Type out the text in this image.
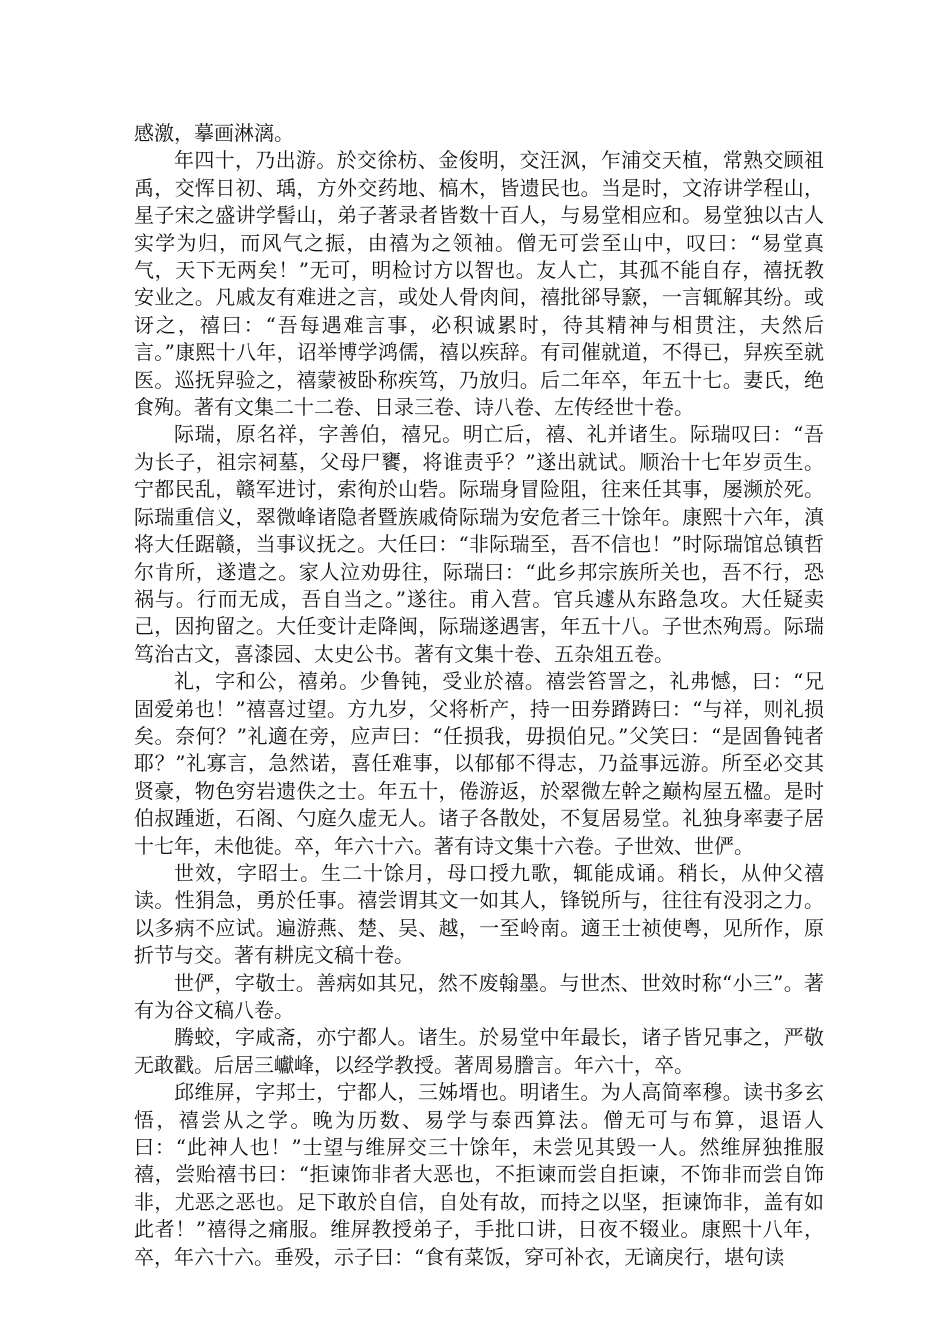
感激，摹画淋漓。

年四十，乃出游。於交徐枋、金俊明，交汪沨，乍浦交天植，常熟交顾祖禹，交恽日初、瑀，方外交药地、槁木，皆遗民也。当是时，文洊讲学程山，星子宋之盛讲学髻山，弟子著录者皆数十百人，与易堂相应和。易堂独以古人实学为归，而风气之振，由禧为之领袖。僧无可尝至山中，叹曰：“易堂真气，天下无两矣！”无可，明检讨方以智也。友人亡，其孤不能自存，禧抚教安业之。凡戚友有难进之言，或处人骨肉间，禧批郤导窾，一言辄解其纷。或讶之，禧曰：“吾每遇难言事，必积诚累时，待其精神与相贯注，夫然后言。”康熙十八年，诏举博学鸿儒，禧以疾辞。有司催就道，不得已，舁疾至就医。巡抚舁验之，禧蒙被卧称疾笃，乃放归。后二年卒，年五十七。妻氏，绝食殉。著有文集二十二卷、日录三卷、诗八卷、左传经世十卷。

际瑞，原名祥，字善伯，禧兄。明亡后，禧、礼并诸生。际瑞叹曰：“吾为长子，祖宗祠墓，父母尸饔，将谁责乎？”遂出就试。顺治十七年岁贡生。宁都民乱，赣军进讨，索徇於山砦。际瑞身冒险阻，往来任其事，屡濒於死。际瑞重信义，翠微峰诸隐者暨族戚倚际瑞为安危者三十馀年。康熙十六年，滇将大任踞赣，当事议抚之。大任曰：“非际瑞至，吾不信也！”时际瑞馆总镇哲尔肯所，遂遣之。家人泣劝毋往，际瑞曰：“此乡邦宗族所关也，吾不行，恐祸与。行而无成，吾自当之。”遂往。甫入营。官兵遽从东路急攻。大任疑卖己，因拘留之。大任变计走降闽，际瑞遂遇害，年五十八。子世杰殉焉。际瑞笃治古文，喜漆园、太史公书。著有文集十卷、五杂俎五卷。

礼，字和公，禧弟。少鲁钝，受业於禧。禧尝笞詈之，礼弗憾，曰：“兄固爱弟也！”禧喜过望。方九岁，父将析产，持一田券蹐踌曰：“与祥，则礼损矣。奈何？”礼適在旁，应声曰：“任损我，毋损伯兄。”父笑曰：“是固鲁钝者耶？”礼寡言，急然诺，喜任难事，以郁郁不得志，乃益事远游。所至必交其贤豪，物色穷岩遗佚之士。年五十，倦游返，於翠微左幹之巅构屋五楹。是时伯叔踵逝，石阁、勺庭久虚无人。诸子各散处，不复居易堂。礼独身率妻子居十七年，未他徙。卒，年六十六。著有诗文集十六卷。子世效、世俨。

世效，字昭士。生二十馀月，母口授九歌，辄能成诵。稍长，从仲父禧读。性狷急，勇於任事。禧尝谓其文一如其人，锋锐所与，往往有没羽之力。以多病不应试。遍游燕、楚、吴、越，一至岭南。適王士祯使粤，见所作，原折节与交。著有耕庑文稿十卷。

世俨，字敬士。善病如其兄，然不废翰墨。与世杰、世效时称“小三”。著有为谷文稿八卷。

腾蛟，字咸斋，亦宁都人。诸生。於易堂中年最长，诸子皆兄事之，严敬无敢戳。后居三巘峰，以经学教授。著周易謄言。年六十，卒。

邱维屏，字邦士，宁都人，三姊壻也。明诸生。为人高简率穆。读书多玄悟，禧尝从之学。晚为历数、易学与泰西算法。僧无可与布算，退语人曰：“此神人也！”士望与维屏交三十馀年，未尝见其毁一人。然维屏独推服禧，尝贻禧书曰：“拒谏饰非者大恶也，不拒谏而尝自拒谏，不饰非而尝自饰非，尤恶之恶也。足下敢於自信，自处有故，而持之以坚，拒谏饰非，盖有如此者！”禧得之痛服。维屏教授弟子，手批口讲，日夜不辍业。康熙十八年，卒，年六十六。垂殁，示子曰：“食有菜饭，穿可补衣，无谪戾行，堪句读
